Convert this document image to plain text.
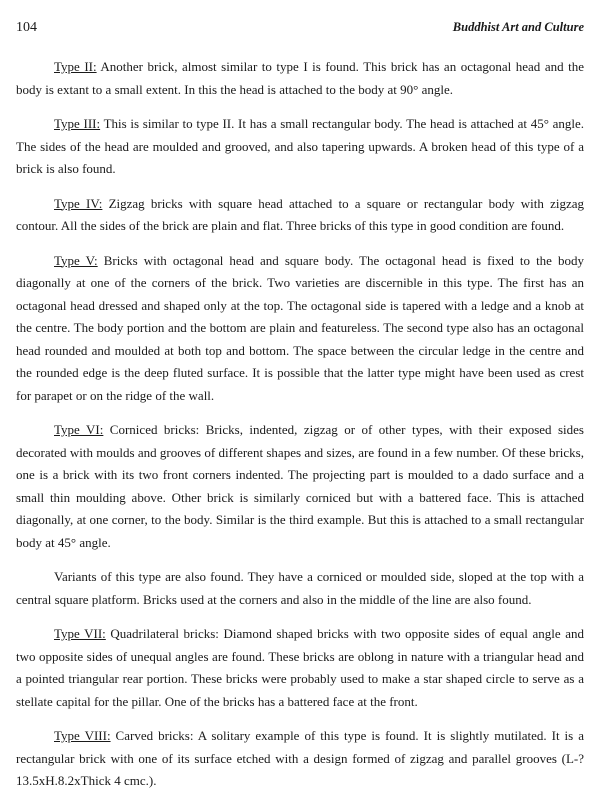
104	Buddhist Art and Culture

Type II: Another brick, almost similar to type I is found. This brick has an octagonal head and the body is extant to a small extent. In this the head is attached to the body at 90° angle.

Type III: This is similar to type II. It has a small rectangular body. The head is attached at 45° angle. The sides of the head are moulded and grooved, and also tapering upwards. A broken head of this type of a brick is also found.

Type IV: Zigzag bricks with square head attached to a square or rectangular body with zigzag contour. All the sides of the brick are plain and flat. Three bricks of this type in good condition are found.

Type V: Bricks with octagonal head and square body. The octagonal head is fixed to the body diagonally at one of the corners of the brick. Two varieties are discernible in this type. The first has an octagonal head dressed and shaped only at the top. The octagonal side is tapered with a ledge and a knob at the centre. The body portion and the bottom are plain and featureless. The second type also has an octagonal head rounded and moulded at both top and bottom. The space between the circular ledge in the centre and the rounded edge is the deep fluted surface. It is possible that the latter type might have been used as crest for parapet or on the ridge of the wall.

Type VI: Corniced bricks: Bricks, indented, zigzag or of other types, with their exposed sides decorated with moulds and grooves of different shapes and sizes, are found in a few number. Of these bricks, one is a brick with its two front corners indented. The projecting part is moulded to a dado surface and a small thin moulding above. Other brick is similarly corniced but with a battered face. This is attached diagonally, at one corner, to the body. Similar is the third example. But this is attached to a small rectangular body at 45° angle.

Variants of this type are also found. They have a corniced or moulded side, sloped at the top with a central square platform. Bricks used at the corners and also in the middle of the line are also found.

Type VII: Quadrilateral bricks: Diamond shaped bricks with two opposite sides of equal angle and two opposite sides of unequal angles are found. These bricks are oblong in nature with a triangular head and a pointed triangular rear portion. These bricks were probably used to make a star shaped circle to serve as a stellate capital for the pillar. One of the bricks has a battered face at the front.

Type VIII: Carved bricks: A solitary example of this type is found. It is slightly mutilated. It is a rectangular brick with one of its surface etched with a design formed of zigzag and parallel grooves (L-? 13.5xH.8.2xThick 4 cmc.).
